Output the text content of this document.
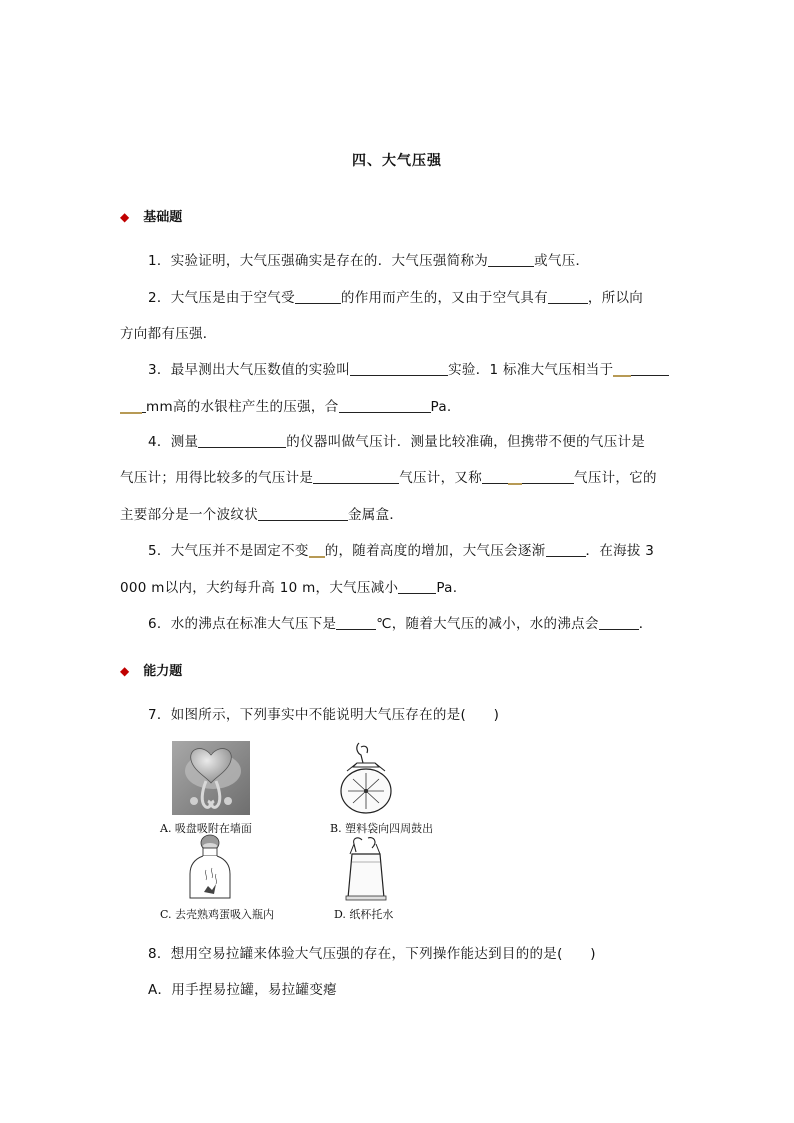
四、大气压强
◆ 基础题
1．实验证明，大气压强确实是存在的．大气压强简称为	或气压．
2．大气压是由于空气受	的作用而产生的，又由于空气具有	，所以向
方向都有压强．
3．最早测出大气压数值的实验叫	实验．1 标准大气压相当于
mm高的水银柱产生的压强，合	Pa.
4．测量	的仪器叫做气压计．测量比较准确，但携带不便的气压计是
气压计；用得比较多的气压计是	气压计，又称	气压计，它的
主要部分是一个波纹状	金属盒．
5．大气压并不是固定不变 的，随着高度的增加，大气压会逐渐	．在海拔 3
000 m以内，大约每升高 10 m，大气压减小	Pa.
6．水的沸点在标准大气压下是	℃，随着大气压的减小，水的沸点会	．
◆ 能力题
7．如图所示，下列事实中不能说明大气压存在的是(　　)
A. 吸盘吸附在墙面	B. 塑料袋向四周鼓出
C. 去壳熟鸡蛋吸入瓶内	D. 纸杯托水
8．想用空易拉罐来体验大气压强的存在，下列操作能达到目的的是(　　)
A．用手捏易拉罐，易拉罐变瘪
